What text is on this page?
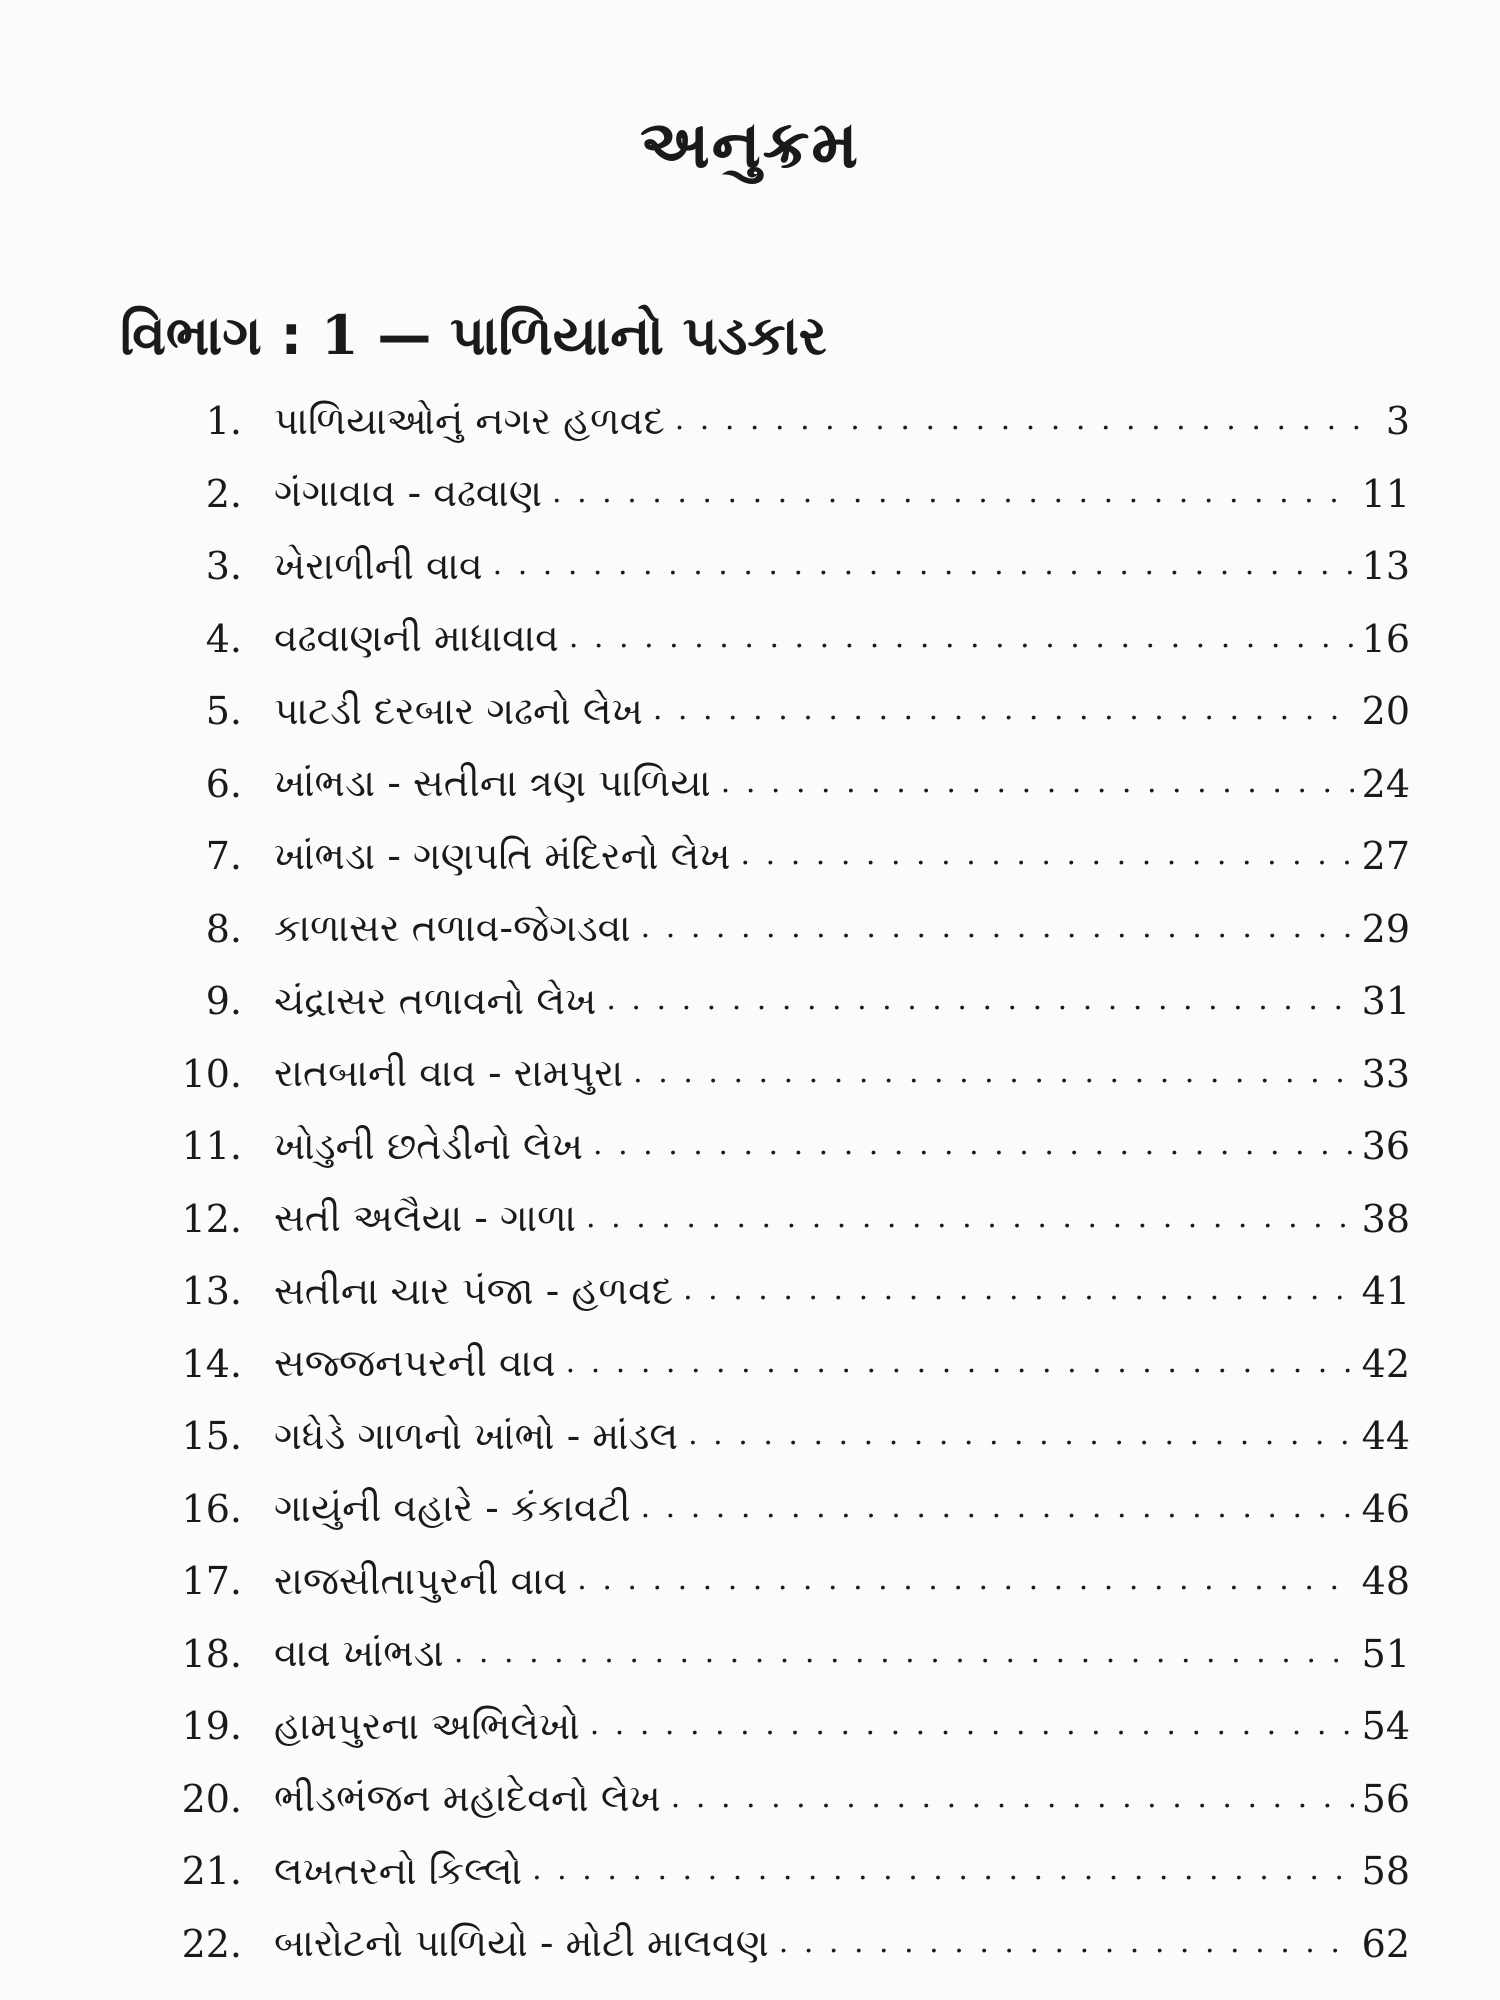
અનુક્રમ
વિભાગ : 1 — પાળિયાનો પડકાર
1. પાળિયાઓનું નગર હળવદ . . .	3
2. ગંગાવાવ - વઢવાણ . . .	11
3. ખેરાળીની વાવ . . .	13
4. વઢવાણની માધાવાવ . . .	16
5. પાટડી દરબાર ગઢનો લેખ . . .	20
6. ખાંભડા - સતીના ત્રણ પાળિયા . . .	24
7. ખાંભડા - ગણપતિ મંદિરનો લેખ . . .	27
8. કાળાસર તળાવ-જેગડવા . . .	29
9. ચંદ્રાસર તળાવનો લેખ . . .	31
10. રાતબાની વાવ - રામપુરા . . .	33
11. ખોડુની છતેડીનો લેખ . . .	36
12. સતી અલૈયા - ગાળા . . .	38
13. સતીના ચાર પંજા - હળવદ . . .	41
14. સજ્જનપરની વાવ . . .	42
15. ગધેડે ગાળનો ખાંભો - માંડલ . . .	44
16. ગાયુંની વહારે - કંકાવટી . . .	46
17. રાજસીતાપુરની વાવ . . .	48
18. વાવ ખાંભડા . . .	51
19. હામપુરના અભિલેખો . . .	54
20. ભીડભંજન મહાદેવનો લેખ . . .	56
21. લખતરનો કિલ્લો . . .	58
22. બારોટનો પાળિયો - મોટી માલવણ . . .	62
